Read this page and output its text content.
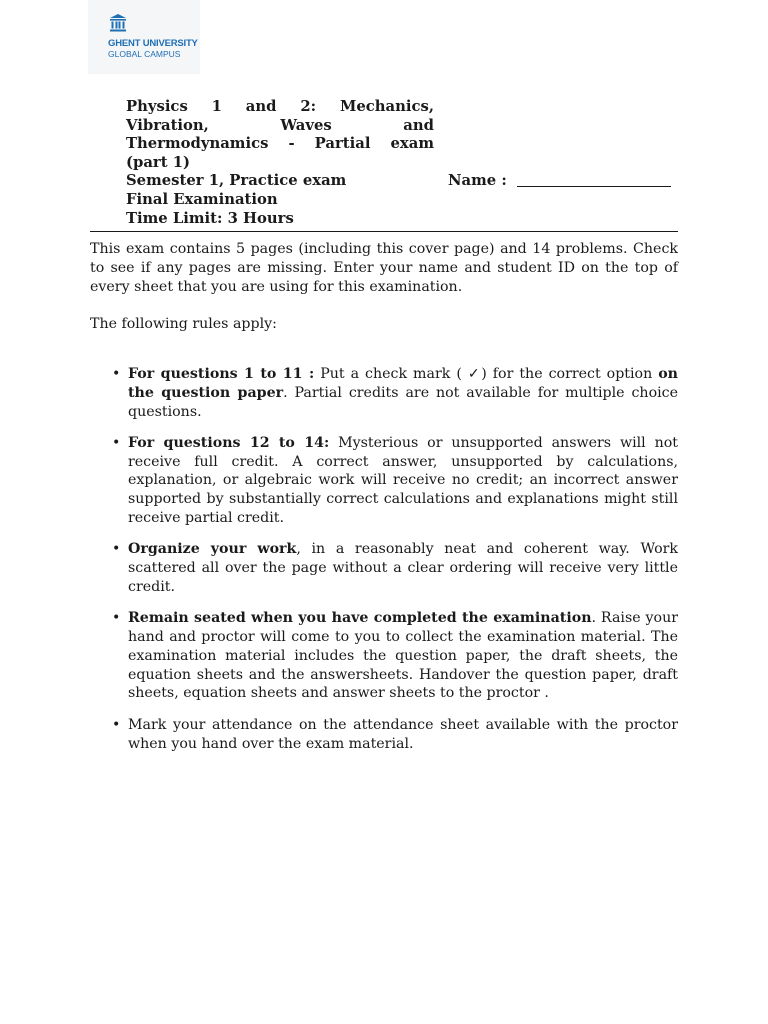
GHENT UNIVERSITY
GLOBAL CAMPUS
Physics 1 and 2: Mechanics, Vibration, Waves and Thermodynamics - Partial exam (part 1)
Semester 1, Practice exam	Name :
Final Examination
Time Limit: 3 Hours
This exam contains 5 pages (including this cover page) and 14 problems. Check to see if any pages are missing. Enter your name and student ID on the top of every sheet that you are using for this examination.
The following rules apply:
• For questions 1 to 11 : Put a check mark ( ✓) for the correct option on the question paper. Partial credits are not available for multiple choice questions.
• For questions 12 to 14: Mysterious or unsupported answers will not receive full credit. A correct answer, unsupported by calculations, explanation, or algebraic work will receive no credit; an incorrect answer supported by substantially correct calculations and explanations might still receive partial credit.
• Organize your work, in a reasonably neat and coherent way. Work scattered all over the page without a clear ordering will receive very little credit.
• Remain seated when you have completed the examination. Raise your hand and proctor will come to you to collect the examination material. The examination material includes the question paper, the draft sheets, the equation sheets and the answersheets. Handover the question paper, draft sheets, equation sheets and answer sheets to the proctor .
• Mark your attendance on the attendance sheet available with the proctor when you hand over the exam material.
